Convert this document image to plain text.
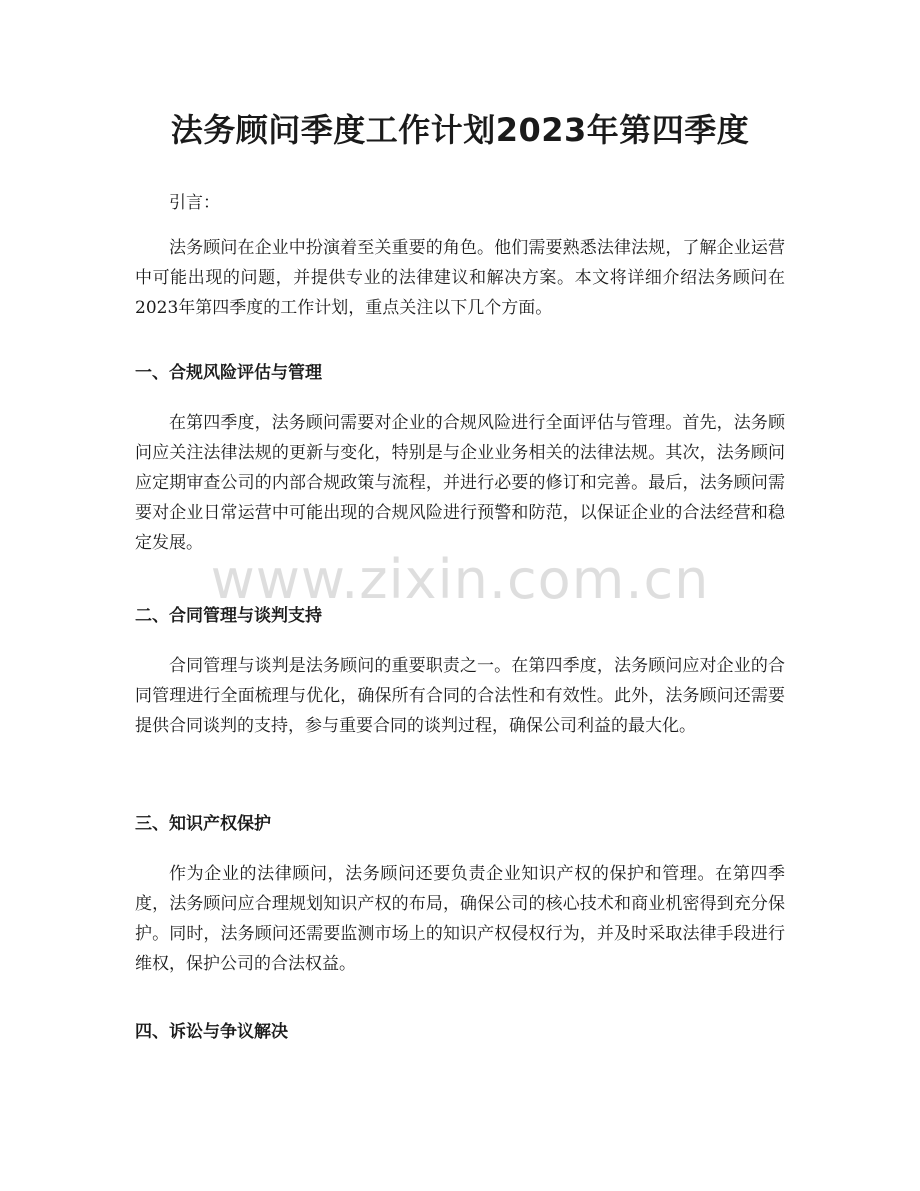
法务顾问季度工作计划2023年第四季度

引言：

法务顾问在企业中扮演着至关重要的角色。他们需要熟悉法律法规，了解企业运营中可能出现的问题，并提供专业的法律建议和解决方案。本文将详细介绍法务顾问在2023年第四季度的工作计划，重点关注以下几个方面。

一、合规风险评估与管理

在第四季度，法务顾问需要对企业的合规风险进行全面评估与管理。首先，法务顾问应关注法律法规的更新与变化，特别是与企业业务相关的法律法规。其次，法务顾问应定期审查公司的内部合规政策与流程，并进行必要的修订和完善。最后，法务顾问需要对企业日常运营中可能出现的合规风险进行预警和防范，以保证企业的合法经营和稳定发展。

二、合同管理与谈判支持

合同管理与谈判是法务顾问的重要职责之一。在第四季度，法务顾问应对企业的合同管理进行全面梳理与优化，确保所有合同的合法性和有效性。此外，法务顾问还需要提供合同谈判的支持，参与重要合同的谈判过程，确保公司利益的最大化。

三、知识产权保护

作为企业的法律顾问，法务顾问还要负责企业知识产权的保护和管理。在第四季度，法务顾问应合理规划知识产权的布局，确保公司的核心技术和商业机密得到充分保护。同时，法务顾问还需要监测市场上的知识产权侵权行为，并及时采取法律手段进行维权，保护公司的合法权益。

四、诉讼与争议解决
www.zixin.com.cn
